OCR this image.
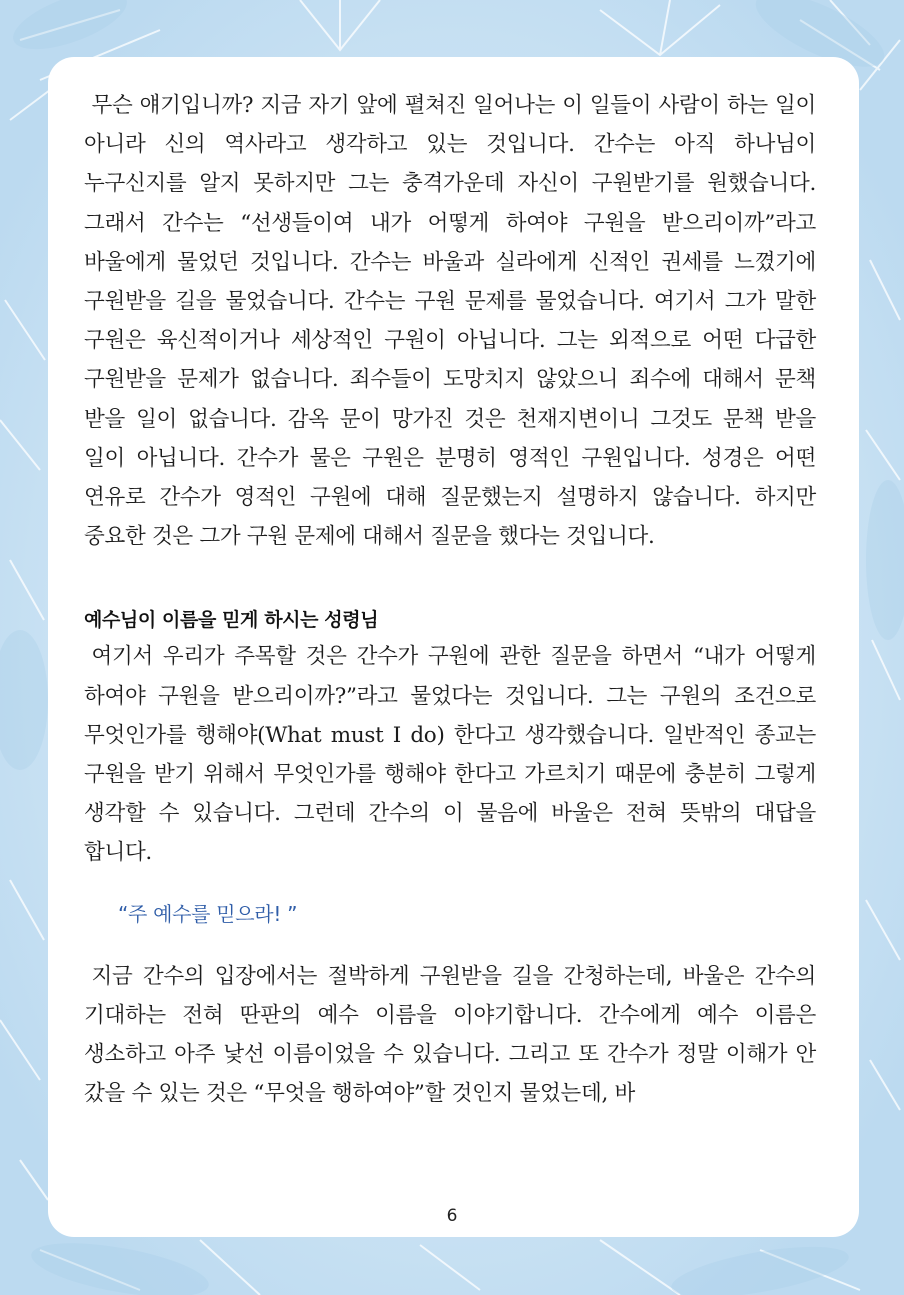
무슨 얘기입니까? 지금 자기 앞에 펼쳐진 일어나는 이 일들이 사람이 하는 일이 아니라 신의 역사라고 생각하고 있는 것입니다. 간수는 아직 하나님이 누구신지를 알지 못하지만 그는 충격가운데 자신이 구원받기를 원했습니다. 그래서 간수는 “선생들이여 내가 어떻게 하여야 구원을 받으리이까”라고 바울에게 물었던 것입니다. 간수는 바울과 실라에게 신적인 권세를 느꼈기에 구원받을 길을 물었습니다. 간수는 구원 문제를 물었습니다. 여기서 그가 말한 구원은 육신적이거나 세상적인 구원이 아닙니다. 그는 외적으로 어떤 다급한 구원받을 문제가 없습니다. 죄수들이 도망치지 않았으니 죄수에 대해서 문책 받을 일이 없습니다. 감옥 문이 망가진 것은 천재지변이니 그것도 문책 받을 일이 아닙니다. 간수가 물은 구원은 분명히 영적인 구원입니다. 성경은 어떤 연유로 간수가 영적인 구원에 대해 질문했는지 설명하지 않습니다. 하지만 중요한 것은 그가 구원 문제에 대해서 질문을 했다는 것입니다.

예수님이 이름을 믿게 하시는 성령님

여기서 우리가 주목할 것은 간수가 구원에 관한 질문을 하면서 “내가 어떻게 하여야 구원을 받으리이까?”라고 물었다는 것입니다. 그는 구원의 조건으로 무엇인가를 행해야(What must I do) 한다고 생각했습니다. 일반적인 종교는 구원을 받기 위해서 무엇인가를 행해야 한다고 가르치기 때문에 충분히 그렇게 생각할 수 있습니다. 그런데 간수의 이 물음에 바울은 전혀 뜻밖의 대답을 합니다.

“주 예수를 믿으라! ”

지금 간수의 입장에서는 절박하게 구원받을 길을 간청하는데, 바울은 간수의 기대하는 전혀 딴판의 예수 이름을 이야기합니다. 간수에게 예수 이름은 생소하고 아주 낯선 이름이었을 수 있습니다. 그리고 또 간수가 정말 이해가 안 갔을 수 있는 것은 “무엇을 행하여야”할 것인지 물었는데, 바

6
